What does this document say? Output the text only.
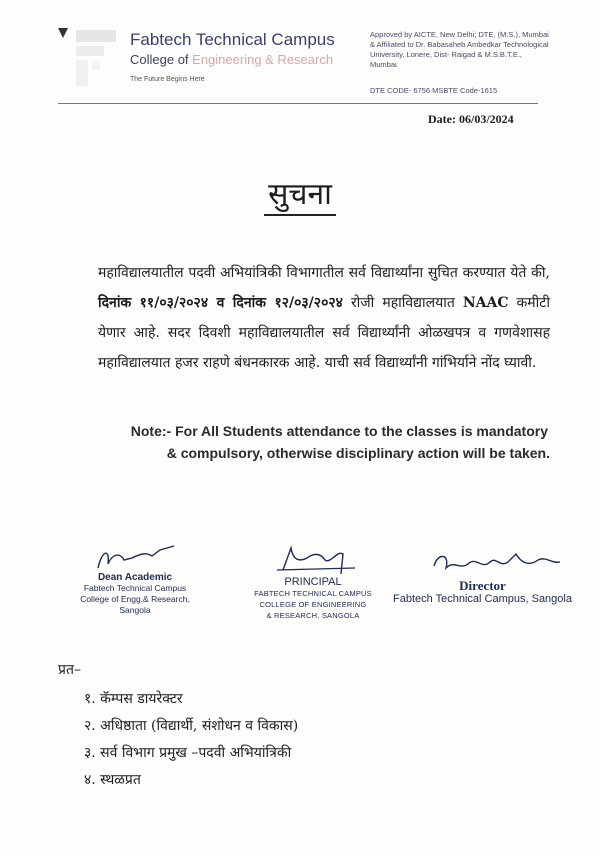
Fabtech Technical Campus
College of Engineering & Research
The Future Begins Here
Approved by AICTE, New Delhi; DTE, (M.S.), Mumbai & Affiliated to Dr. Babasaheb Ambedkar Technological University, Lonere, Dist- Raigad & M.S.B.T.E., Mumbai.
DTE CODE- 6756 MSBTE Code-1615
Date: 06/03/2024
सुचना

महाविद्यालयातील पदवी अभियांत्रिकी विभागातील सर्व विद्यार्थ्यांना सुचित करण्यात येते की, दिनांक ११/०३/२०२४ व दिनांक १२/०३/२०२४ रोजी महाविद्यालयात NAAC कमीटी येणार आहे. सदर दिवशी महाविद्यालयातील सर्व विद्यार्थ्यांनी ओळखपत्र व गणवेशासह महाविद्यालयात हजर राहणे बंधनकारक आहे. याची सर्व विद्यार्थ्यांनी गांभिर्याने नोंद घ्यावी.

Note:- For All Students attendance to the classes is mandatory
& compulsory, otherwise disciplinary action will be taken.
Dean Academic
Fabtech Technical Campus
College of Engg.& Research,
Sangola
PRINCIPAL
FABTECH TECHNICAL CAMPUS
COLLEGE OF ENGINEERING
& RESEARCH, SANGOLA
Director
Fabtech Technical Campus, Sangola
प्रत–
१. कॅम्पस डायरेक्टर
२. अधिष्ठाता (विद्यार्थी, संशोधन व विकास)
३. सर्व विभाग प्रमुख –पदवी अभियांत्रिकी
४. स्थळप्रत
